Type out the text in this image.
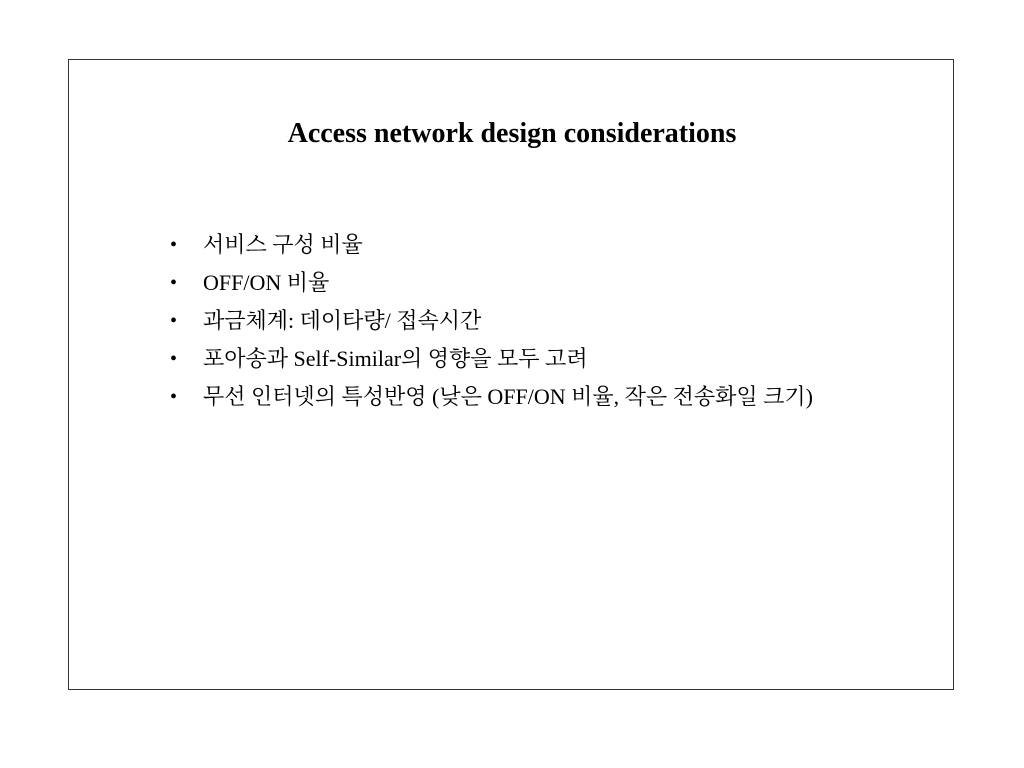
Access network design considerations
•	서비스 구성 비율
•	OFF/ON 비율
•	과금체계: 데이타량/ 접속시간
•	포아송과 Self-Similar의 영향을 모두 고려
•	무선 인터넷의 특성반영 (낮은 OFF/ON 비율, 작은 전송화일 크기)
